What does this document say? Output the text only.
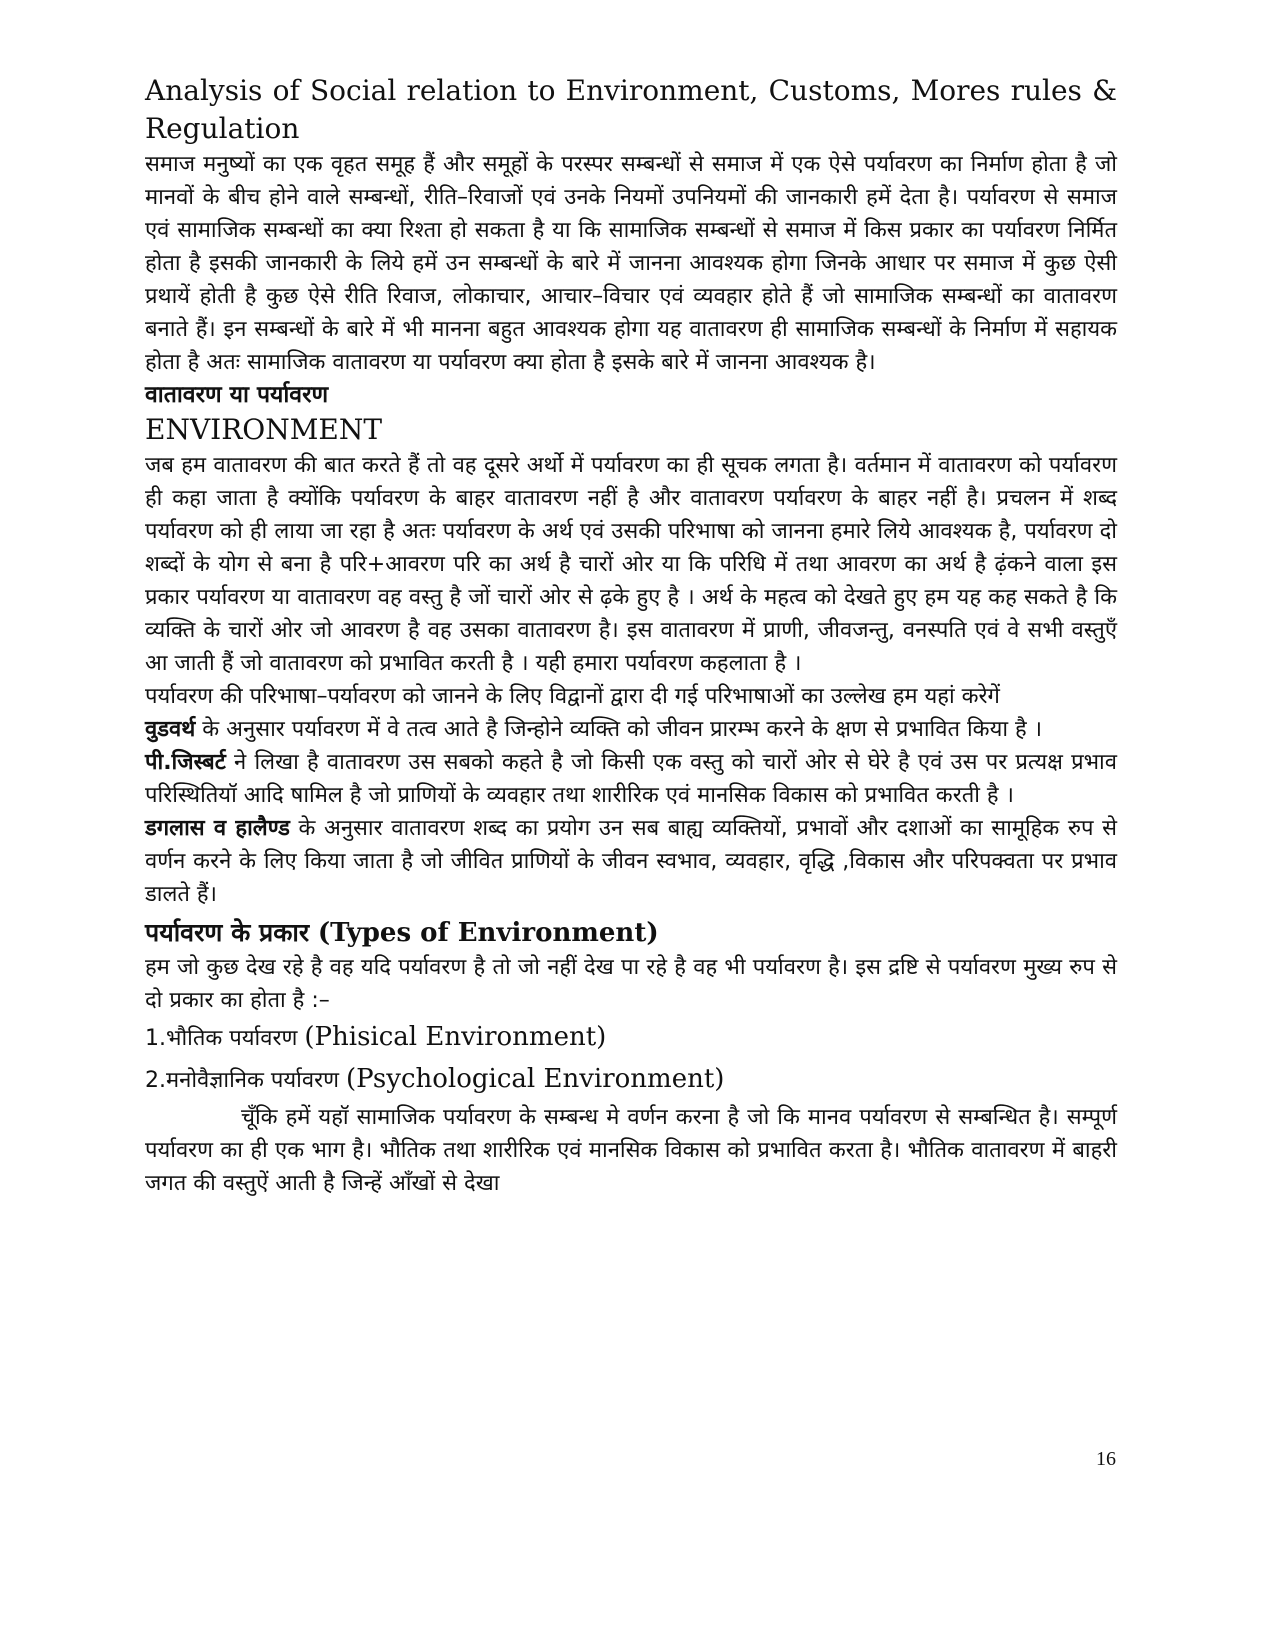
Analysis of Social relation to Environment, Customs, Mores rules & Regulation

समाज मनुष्यों का एक वृहत समूह हैं और समूहों के परस्पर सम्बन्धों से समाज में एक ऐसे पर्यावरण का निर्माण होता है जो मानवों के बीच होने वाले सम्बन्धों, रीति–रिवाजों एवं उनके नियमों उपनियमों की जानकारी हमें देता है। पर्यावरण से समाज एवं सामाजिक सम्बन्धों का क्या रिश्ता हो सकता है या कि सामाजिक सम्बन्धों से समाज में किस प्रकार का पर्यावरण निर्मित होता है इसकी जानकारी के लिये हमें उन सम्बन्धों के बारे में जानना आवश्यक होगा जिनके आधार पर समाज में कुछ ऐसी प्रथायें होती है कुछ ऐसे रीति रिवाज, लोकाचार, आचार–विचार एवं व्यवहार होते हैं जो सामाजिक सम्बन्धों का वातावरण बनाते हैं। इन सम्बन्धों के बारे में भी मानना बहुत आवश्यक होगा यह वातावरण ही सामाजिक सम्बन्धों के निर्माण में सहायक होता है अतः सामाजिक वातावरण या पर्यावरण क्या होता है इसके बारे में जानना आवश्यक है।

वातावरण या पर्यावरण
ENVIRONMENT

जब हम वातावरण की बात करते हैं तो वह दूसरे अर्थो में पर्यावरण का ही सूचक लगता है। वर्तमान में वातावरण को पर्यावरण ही कहा जाता है क्योंकि पर्यावरण के बाहर वातावरण नहीं है और वातावरण पर्यावरण के बाहर नहीं है। प्रचलन में शब्द पर्यावरण को ही लाया जा रहा है अतः पर्यावरण के अर्थ एवं उसकी परिभाषा को जानना हमारे लिये आवश्यक है, पर्यावरण दो शब्दों के योग से बना है परि+आवरण परि का अर्थ है चारों ओर या कि परिधि में तथा आवरण का अर्थ है ढ़ंकने वाला इस प्रकार पर्यावरण या वातावरण वह वस्तु है जों चारों ओर से ढ़के हुए है । अर्थ के महत्व को देखते हुए हम यह कह सकते है कि व्यक्ति के चारों ओर जो आवरण है वह उसका वातावरण है। इस वातावरण में प्राणी, जीवजन्तु, वनस्पति एवं वे सभी वस्तुएँ आ जाती हैं जो वातावरण को प्रभावित करती है । यही हमारा पर्यावरण कहलाता है ।

पर्यावरण की परिभाषा–पर्यावरण को जानने के लिए विद्वानों द्वारा दी गई परिभाषाओं का उल्लेख हम यहां करेगें

वुडवर्थ के अनुसार पर्यावरण में वे तत्व आते है जिन्होने व्यक्ति को जीवन प्रारम्भ करने के क्षण से प्रभावित किया है ।

पी.जिस्बर्ट ने लिखा है वातावरण उस सबको कहते है जो किसी एक वस्तु को चारों ओर से घेरे है एवं उस पर प्रत्यक्ष प्रभाव परिस्थितियॉ आदि षामिल है जो प्राणियों के व्यवहार तथा शारीरिक एवं मानसिक विकास को प्रभावित करती है ।

डगलास व हालैण्ड के अनुसार वातावरण शब्द का प्रयोग उन सब बाह्य व्यक्तियों, प्रभावों और दशाओं का सामूहिक रुप से वर्णन करने के लिए किया जाता है जो जीवित प्राणियों के जीवन स्वभाव, व्यवहार, वृद्धि ,विकास और परिपक्वता पर प्रभाव डालते हैं।

पर्यावरण के प्रकार (Types of Environment)

हम जो कुछ देख रहे है वह यदि पर्यावरण है तो जो नहीं देख पा रहे है वह भी पर्यावरण है। इस द्रष्टि से पर्यावरण मुख्य रुप से दो प्रकार का होता है :–

1.भौतिक पर्यावरण (Phisical Environment)

2.मनोवैज्ञानिक पर्यावरण (Psychological Environment)

चूँकि हमें यहॉ सामाजिक पर्यावरण के सम्बन्ध मे वर्णन करना है जो कि मानव पर्यावरण से सम्बन्धित है। सम्पूर्ण पर्यावरण का ही एक भाग है। भौतिक तथा शारीरिक एवं मानसिक विकास को प्रभावित करता है। भौतिक वातावरण में बाहरी जगत की वस्तुऐं आती है जिन्हें आँखों से देखा

16
